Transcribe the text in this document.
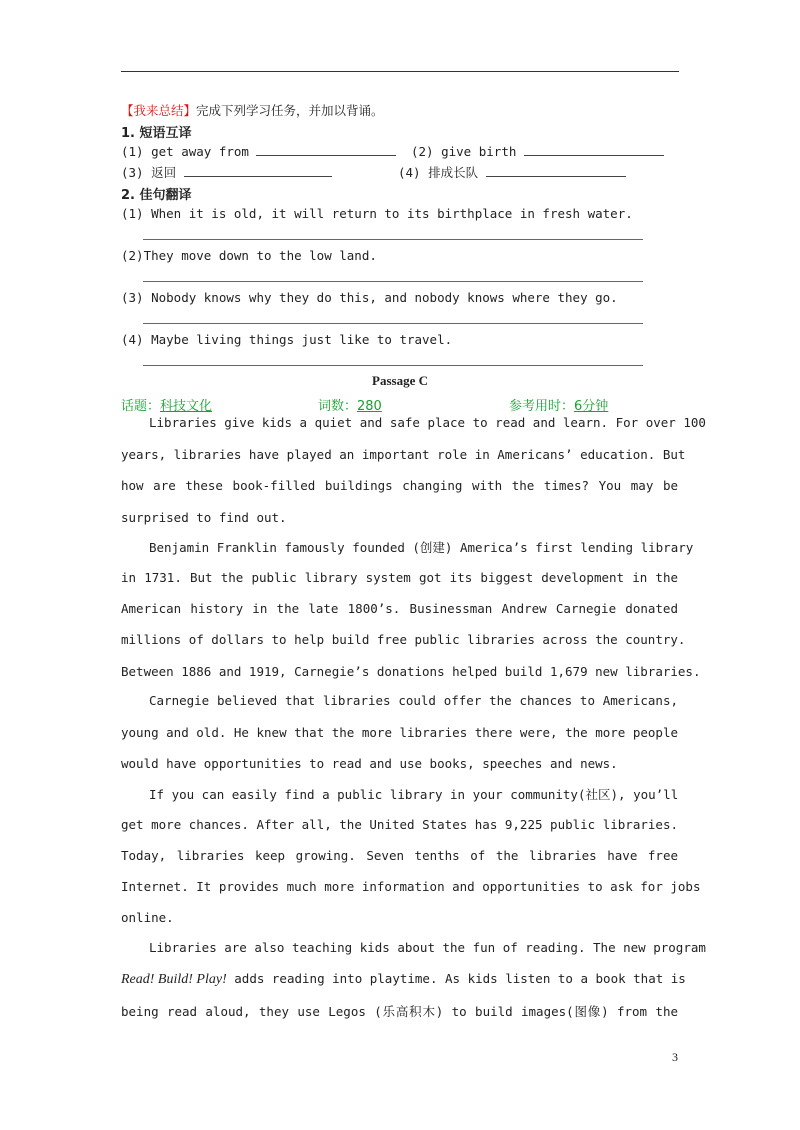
【我来总结】完成下列学习任务，并加以背诵。
1. 短语互译
(1) get away from	(2) give birth
(3) 返回	(4) 排成长队
2. 佳句翻译
(1) When it is old, it will return to its birthplace in fresh water.
(2)They move down to the low land.
(3) Nobody knows why they do this, and nobody knows where they go.
(4) Maybe living things just like to travel.
Passage C
话题：科技文化	词数：280	参考用时：6分钟
Libraries give kids a quiet and safe place to read and learn. For over 100
years, libraries have played an important role in Americans’ education. But
how are these book-filled buildings changing with the times? You may be
surprised to find out.
Benjamin Franklin famously founded (创建) America’s first lending library
in 1731. But the public library system got its biggest development in the
American history in the late 1800’s. Businessman Andrew Carnegie donated
millions of dollars to help build free public libraries across the country.
Between 1886 and 1919, Carnegie’s donations helped build 1,679 new libraries.
Carnegie believed that libraries could offer the chances to Americans,
young and old. He knew that the more libraries there were, the more people
would have opportunities to read and use books, speeches and news.
If you can easily find a public library in your community(社区), you’ll
get more chances. After all, the United States has 9,225 public libraries.
Today, libraries keep growing. Seven tenths of the libraries have free
Internet. It provides much more information and opportunities to ask for jobs
online.
Libraries are also teaching kids about the fun of reading. The new program
Read! Build! Play! adds reading into playtime. As kids listen to a book that is
being read aloud, they use Legos (乐高积木) to build images(图像) from the
3
